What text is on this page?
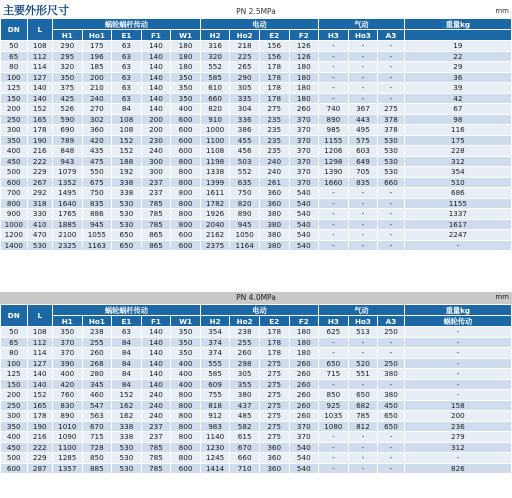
主要外形尺寸	PN 2.5MPa	mm
DN	L	蜗轮蜗杆传动					电动				气动			重量kg
		H1	Ho1	E1	F1	W1	H2	Ho2	E2	F2	H3	Ho3	A3	
50	108	290	175	63	140	180	316	218	156	126	-	-	-	19
65	112	295	196	63	140	180	320	225	156	126	-	-	-	22
80	114	320	185	63	140	180	552	265	178	180	-	-	-	29
100	127	350	200	63	140	350	585	290	178	180	-	-	-	36
125	140	375	210	63	140	350	610	305	178	180	-	-	-	39
150	140	425	240	63	140	350	660	335	178	180	-	-	-	42
200	152	526	270	84	140	400	820	304	275	260	740	367	275	67
250	165	590	302	108	200	600	910	336	235	370	890	443	378	98
300	178	690	360	108	200	600	1000	386	235	370	985	495	378	116
350	190	789	420	152	230	600	1100	455	235	370	1155	575	530	175
400	216	848	435	152	240	600	1108	456	235	370	1206	603	530	228
450	222	943	475	188	300	800	1198	503	240	370	1298	649	530	312
500	229	1079	550	192	300	800	1338	552	240	370	1390	705	530	354
600	267	1352	675	338	237	800	1399	635	261	370	1660	835	660	510
700	292	1495	750	338	237	800	1611	750	360	540	-	-	-	686
800	318	1640	835	530	785	800	1782	820	360	540	-	-	-	1155
900	330	1765	886	530	785	800	1926	890	380	540	-	-	-	1337
1000	410	1885	945	530	785	800	2040	945	380	540	-	-	-	1617
1200	470	2100	1055	650	865	600	2162	1050	380	540	-	-	-	2247
1400	530	2325	1163	650	865	600	2375	1164	380	540	-	-	-	-
PN 4.0MPa	mm
DN	L	蜗轮蜗杆传动					电动				气动			重量kg
		H1	Ho1	E1	F1	W1	H2	Ho2	E2	F2	H3	Ho3	A3	蜗轮传动
50	108	350	238	63	140	350	354	238	178	180	625	513	250	-
65	112	370	255	84	140	350	374	255	178	180	-	-	-	-
80	114	370	260	84	140	350	374	260	178	180	-	-	-	-
100	127	390	268	84	140	400	555	298	275	260	650	520	250	-
125	140	400	280	84	140	400	585	305	275	260	715	551	380	-
150	140	420	345	84	140	400	609	355	275	260	-	-	-	-
200	152	760	460	152	240	800	755	380	275	260	850	650	380	-
250	165	830	547	162	240	800	818	437	275	260	925	682	450	158
300	178	890	563	162	240	800	912	485	275	260	1035	785	650	200
350	190	1010	670	338	237	800	983	582	275	370	1080	812	650	236
400	216	1090	715	338	237	800	1140	615	275	370	-	-	-	279
450	222	1100	728	530	785	800	1230	670	360	540	-	-	-	312
500	229	1285	850	530	785	800	1245	660	360	540	-	-	-	-
600	287	1357	885	530	785	600	1414	710	360	540	-	-	-	826
